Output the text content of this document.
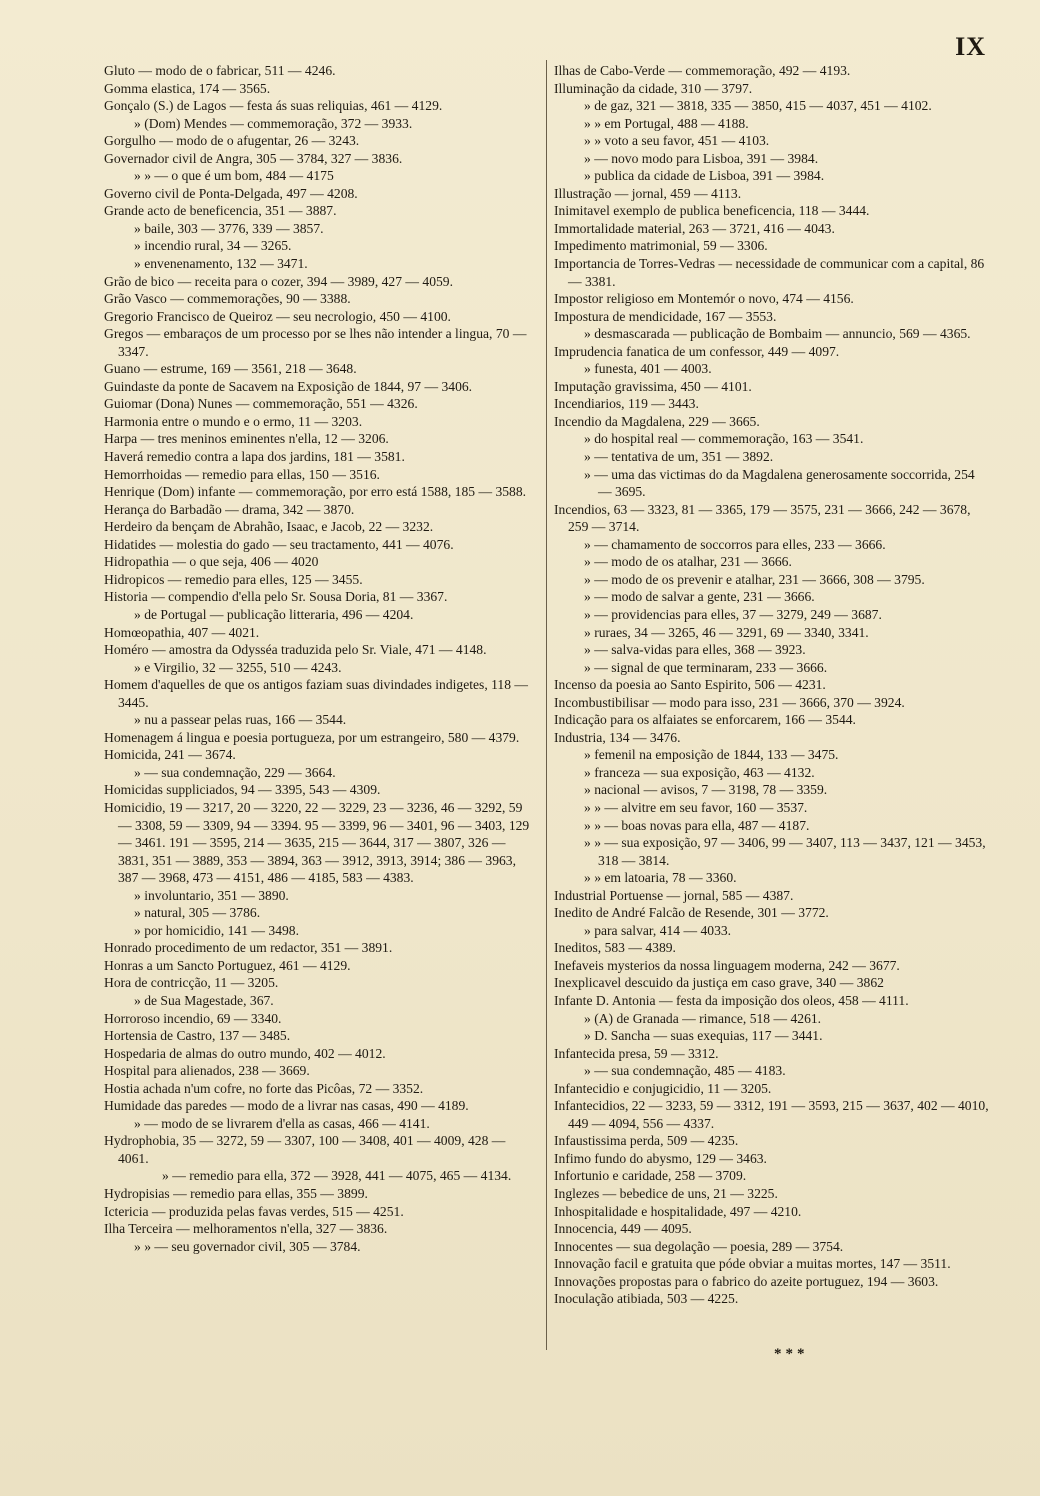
IX
Gluto — modo de o fabricar, 511 — 4246.
Gomma elastica, 174 — 3565.
Gonçalo (S.) de Lagos — festa ás suas reliquias, 461 — 4129.
» (Dom) Mendes — commemoração, 372 — 3933.
Gorgulho — modo de o afugentar, 26 — 3243.
Governador civil de Angra, 305 — 3784, 327 — 3836.
» » — o que é um bom, 484 — 4175
Governo civil de Ponta-Delgada, 497 — 4208.
Grande acto de beneficencia, 351 — 3887.
» baile, 303 — 3776, 339 — 3857.
» incendio rural, 34 — 3265.
» envenenamento, 132 — 3471.
Grão de bico — receita para o cozer, 394 — 3989, 427 — 4059.
Grão Vasco — commemorações, 90 — 3388.
Gregorio Francisco de Queiroz — seu necrologio, 450 — 4100.
Gregos — embaraços de um processo por se lhes não intender a lingua, 70 — 3347.
Guano — estrume, 169 — 3561, 218 — 3648.
Guindaste da ponte de Sacavem na Exposição de 1844, 97 — 3406.
Guiomar (Dona) Nunes — commemoração, 551 — 4326.
Harmonia entre o mundo e o ermo, 11 — 3203.
Harpa — tres meninos eminentes n'ella, 12 — 3206.
Haverá remedio contra a lapa dos jardins, 181 — 3581.
Hemorrhoidas — remedio para ellas, 150 — 3516.
Henrique (Dom) infante — commemoração, por erro está 1588, 185 — 3588.
Herança do Barbadão — drama, 342 — 3870.
Herdeiro da bençam de Abrahão, Isaac, e Jacob, 22 — 3232.
Hidatides — molestia do gado — seu tractamento, 441 — 4076.
Hidropathia — o que seja, 406 — 4020
Hidropicos — remedio para elles, 125 — 3455.
Historia — compendio d'ella pelo Sr. Sousa Doria, 81 — 3367.
» de Portugal — publicação litteraria, 496 — 4204.
Homœopathia, 407 — 4021.
Homéro — amostra da Odysséa traduzida pelo Sr. Viale, 471 — 4148.
» e Virgilio, 32 — 3255, 510 — 4243.
Homem d'aquelles de que os antigos faziam suas divindades indigetes, 118 — 3445.
» nu a passear pelas ruas, 166 — 3544.
Homenagem á lingua e poesia portugueza, por um estrangeiro, 580 — 4379.
Homicida, 241 — 3674.
» — sua condemnação, 229 — 3664.
Homicidas suppliciados, 94 — 3395, 543 — 4309.
Homicidio, 19 — 3217, 20 — 3220, 22 — 3229, 23 — 3236, 46 — 3292, 59 — 3308, 59 — 3309, 94 — 3394. 95 — 3399, 96 — 3401, 96 — 3403, 129 — 3461. 191 — 3595, 214 — 3635, 215 — 3644, 317 — 3807, 326 — 3831, 351 — 3889, 353 — 3894, 363 — 3912, 3913, 3914; 386 — 3963, 387 — 3968, 473 — 4151, 486 — 4185, 583 — 4383.
» involuntario, 351 — 3890.
» natural, 305 — 3786.
» por homicidio, 141 — 3498.
Honrado procedimento de um redactor, 351 — 3891.
Honras a um Sancto Portuguez, 461 — 4129.
Hora de contricção, 11 — 3205.
» de Sua Magestade, 367.
Horroroso incendio, 69 — 3340.
Hortensia de Castro, 137 — 3485.
Hospedaria de almas do outro mundo, 402 — 4012.
Hospital para alienados, 238 — 3669.
Hostia achada n'um cofre, no forte das Picôas, 72 — 3352.
Humidade das paredes — modo de a livrar nas casas, 490 — 4189.
» — modo de se livrarem d'ella as casas, 466 — 4141.
Hydrophobia, 35 — 3272, 59 — 3307, 100 — 3408, 401 — 4009, 428 — 4061.
» — remedio para ella, 372 — 3928, 441 — 4075, 465 — 4134.
Hydropisias — remedio para ellas, 355 — 3899.
Ictericia — produzida pelas favas verdes, 515 — 4251.
Ilha Terceira — melhoramentos n'ella, 327 — 3836.
» » — seu governador civil, 305 — 3784.
Ilhas de Cabo-Verde — commemoração, 492 — 4193.
Illuminação da cidade, 310 — 3797.
» de gaz, 321 — 3818, 335 — 3850, 415 — 4037, 451 — 4102.
» » em Portugal, 488 — 4188.
» » voto a seu favor, 451 — 4103.
» — novo modo para Lisboa, 391 — 3984.
» publica da cidade de Lisboa, 391 — 3984.
Illustração — jornal, 459 — 4113.
Inimitavel exemplo de publica beneficencia, 118 — 3444.
Immortalidade material, 263 — 3721, 416 — 4043.
Impedimento matrimonial, 59 — 3306.
Importancia de Torres-Vedras — necessidade de communicar com a capital, 86 — 3381.
Impostor religioso em Montemór o novo, 474 — 4156.
Impostura de mendicidade, 167 — 3553.
» desmascarada — publicação de Bombaim — annuncio, 569 — 4365.
Imprudencia fanatica de um confessor, 449 — 4097.
» funesta, 401 — 4003.
Imputação gravissima, 450 — 4101.
Incendiarios, 119 — 3443.
Incendio da Magdalena, 229 — 3665.
» do hospital real — commemoração, 163 — 3541.
» — tentativa de um, 351 — 3892.
» — uma das victimas do da Magdalena generosamente soccorrida, 254 — 3695.
Incendios, 63 — 3323, 81 — 3365, 179 — 3575, 231 — 3666, 242 — 3678, 259 — 3714.
» — chamamento de soccorros para elles, 233 — 3666.
» — modo de os atalhar, 231 — 3666.
» — modo de os prevenir e atalhar, 231 — 3666, 308 — 3795.
» — modo de salvar a gente, 231 — 3666.
» — providencias para elles, 37 — 3279, 249 — 3687.
» ruraes, 34 — 3265, 46 — 3291, 69 — 3340, 3341.
» — salva-vidas para elles, 368 — 3923.
» — signal de que terminaram, 233 — 3666.
Incenso da poesia ao Santo Espirito, 506 — 4231.
Incombustibilisar — modo para isso, 231 — 3666, 370 — 3924.
Indicação para os alfaiates se enforcarem, 166 — 3544.
Industria, 134 — 3476.
» femenil na emposição de 1844, 133 — 3475.
» franceza — sua exposição, 463 — 4132.
» nacional — avisos, 7 — 3198, 78 — 3359.
» » — alvitre em seu favor, 160 — 3537.
» » — boas novas para ella, 487 — 4187.
» » — sua exposição, 97 — 3406, 99 — 3407, 113 — 3437, 121 — 3453, 318 — 3814.
» » em latoaria, 78 — 3360.
Industrial Portuense — jornal, 585 — 4387.
Inedito de André Falcão de Resende, 301 — 3772.
» para salvar, 414 — 4033.
Ineditos, 583 — 4389.
Inefaveis mysterios da nossa linguagem moderna, 242 — 3677.
Inexplicavel descuido da justiça em caso grave, 340 — 3862
Infante D. Antonia — festa da imposição dos oleos, 458 — 4111.
» (A) de Granada — rimance, 518 — 4261.
» D. Sancha — suas exequias, 117 — 3441.
Infantecida presa, 59 — 3312.
» — sua condemnação, 485 — 4183.
Infantecidio e conjugicidio, 11 — 3205.
Infantecidios, 22 — 3233, 59 — 3312, 191 — 3593, 215 — 3637, 402 — 4010, 449 — 4094, 556 — 4337.
Infaustissima perda, 509 — 4235.
Infimo fundo do abysmo, 129 — 3463.
Infortunio e caridade, 258 — 3709.
Inglezes — bebedice de uns, 21 — 3225.
Inhospitalidade e hospitalidade, 497 — 4210.
Innocencia, 449 — 4095.
Innocentes — sua degolação — poesia, 289 — 3754.
Innovação facil e gratuita que póde obviar a muitas mortes, 147 — 3511.
Innovações propostas para o fabrico do azeite portuguez, 194 — 3603.
Inoculação atibiada, 503 — 4225.
***
